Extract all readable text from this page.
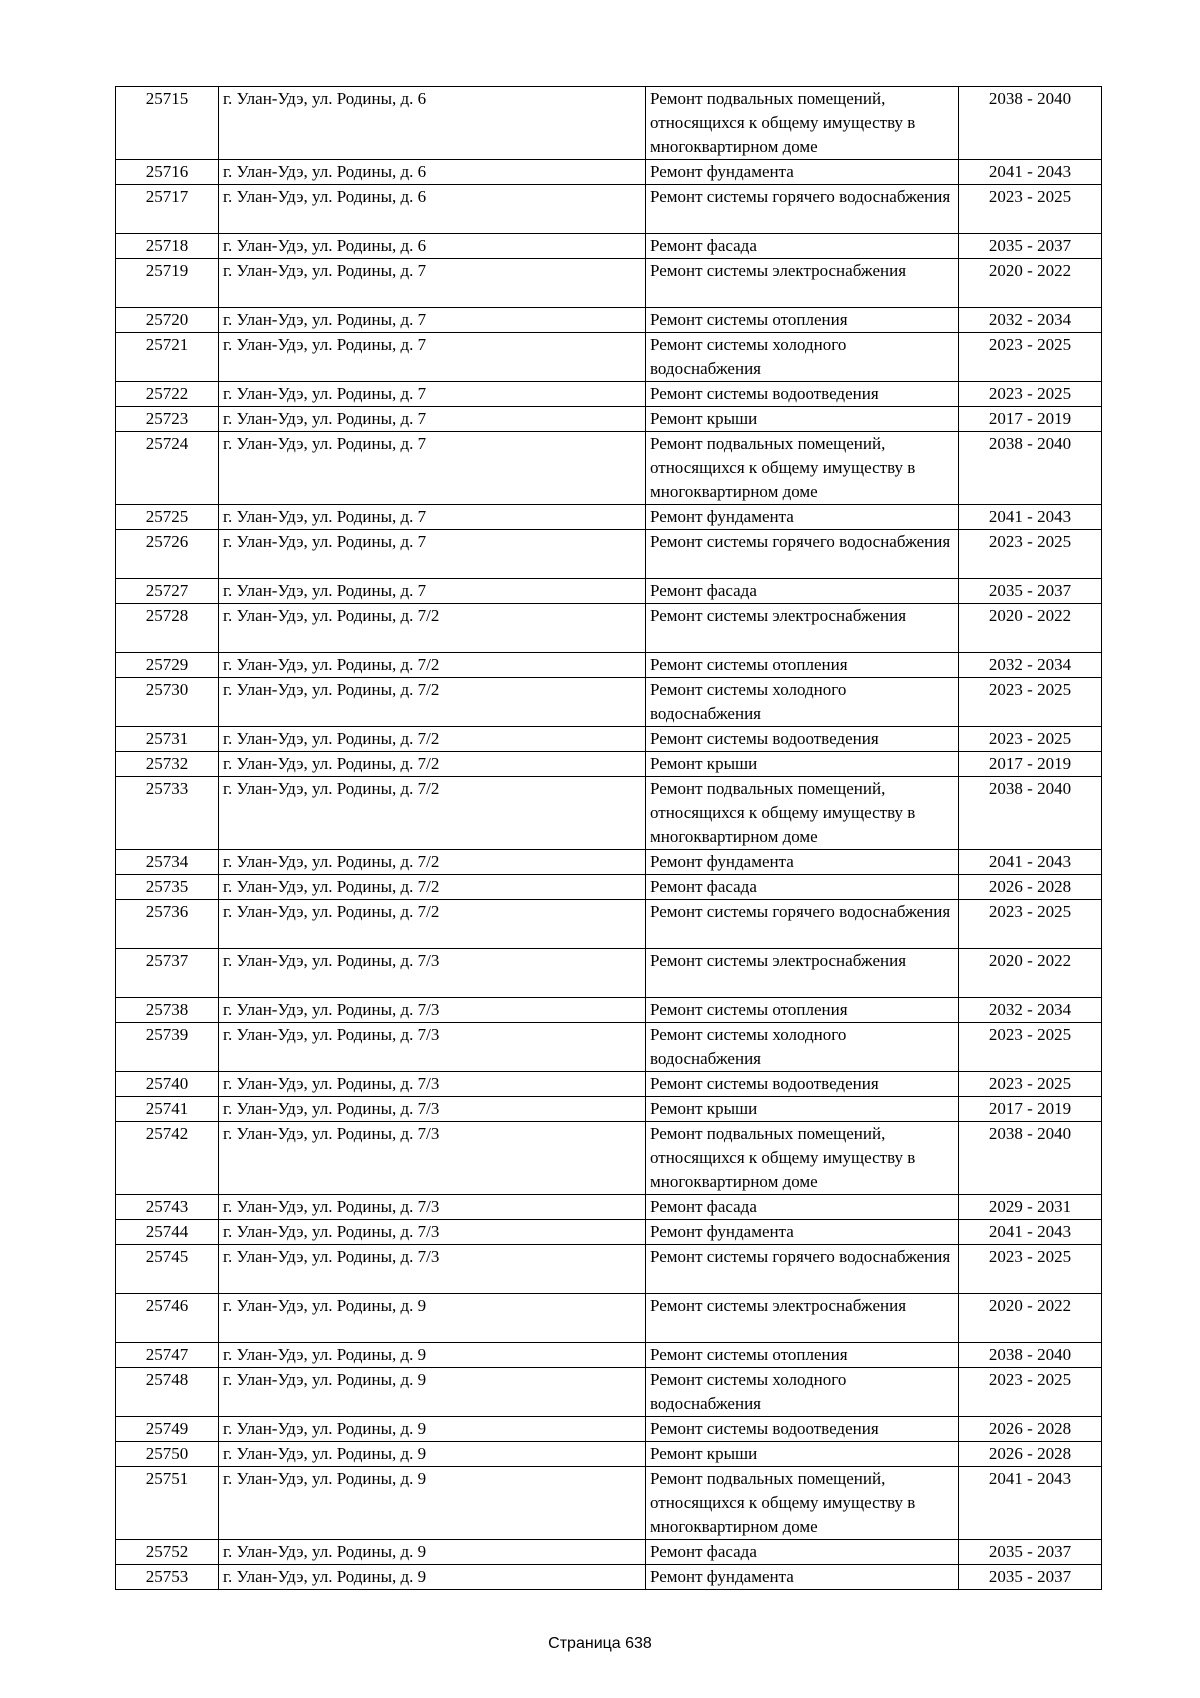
25715	г. Улан-Удэ, ул. Родины, д. 6	Ремонт подвальных помещений, относящихся к общему имуществу в многоквартирном доме	2038 - 2040
25716	г. Улан-Удэ, ул. Родины, д. 6	Ремонт фундамента	2041 - 2043
25717	г. Улан-Удэ, ул. Родины, д. 6	Ремонт системы горячего водоснабжения	2023 - 2025
25718	г. Улан-Удэ, ул. Родины, д. 6	Ремонт фасада	2035 - 2037
25719	г. Улан-Удэ, ул. Родины, д. 7	Ремонт системы электроснабжения	2020 - 2022
25720	г. Улан-Удэ, ул. Родины, д. 7	Ремонт системы отопления	2032 - 2034
25721	г. Улан-Удэ, ул. Родины, д. 7	Ремонт системы холодного водоснабжения	2023 - 2025
25722	г. Улан-Удэ, ул. Родины, д. 7	Ремонт системы водоотведения	2023 - 2025
25723	г. Улан-Удэ, ул. Родины, д. 7	Ремонт крыши	2017 - 2019
25724	г. Улан-Удэ, ул. Родины, д. 7	Ремонт подвальных помещений, относящихся к общему имуществу в многоквартирном доме	2038 - 2040
25725	г. Улан-Удэ, ул. Родины, д. 7	Ремонт фундамента	2041 - 2043
25726	г. Улан-Удэ, ул. Родины, д. 7	Ремонт системы горячего водоснабжения	2023 - 2025
25727	г. Улан-Удэ, ул. Родины, д. 7	Ремонт фасада	2035 - 2037
25728	г. Улан-Удэ, ул. Родины, д. 7/2	Ремонт системы электроснабжения	2020 - 2022
25729	г. Улан-Удэ, ул. Родины, д. 7/2	Ремонт системы отопления	2032 - 2034
25730	г. Улан-Удэ, ул. Родины, д. 7/2	Ремонт системы холодного водоснабжения	2023 - 2025
25731	г. Улан-Удэ, ул. Родины, д. 7/2	Ремонт системы водоотведения	2023 - 2025
25732	г. Улан-Удэ, ул. Родины, д. 7/2	Ремонт крыши	2017 - 2019
25733	г. Улан-Удэ, ул. Родины, д. 7/2	Ремонт подвальных помещений, относящихся к общему имуществу в многоквартирном доме	2038 - 2040
25734	г. Улан-Удэ, ул. Родины, д. 7/2	Ремонт фундамента	2041 - 2043
25735	г. Улан-Удэ, ул. Родины, д. 7/2	Ремонт фасада	2026 - 2028
25736	г. Улан-Удэ, ул. Родины, д. 7/2	Ремонт системы горячего водоснабжения	2023 - 2025
25737	г. Улан-Удэ, ул. Родины, д. 7/3	Ремонт системы электроснабжения	2020 - 2022
25738	г. Улан-Удэ, ул. Родины, д. 7/3	Ремонт системы отопления	2032 - 2034
25739	г. Улан-Удэ, ул. Родины, д. 7/3	Ремонт системы холодного водоснабжения	2023 - 2025
25740	г. Улан-Удэ, ул. Родины, д. 7/3	Ремонт системы водоотведения	2023 - 2025
25741	г. Улан-Удэ, ул. Родины, д. 7/3	Ремонт крыши	2017 - 2019
25742	г. Улан-Удэ, ул. Родины, д. 7/3	Ремонт подвальных помещений, относящихся к общему имуществу в многоквартирном доме	2038 - 2040
25743	г. Улан-Удэ, ул. Родины, д. 7/3	Ремонт фасада	2029 - 2031
25744	г. Улан-Удэ, ул. Родины, д. 7/3	Ремонт фундамента	2041 - 2043
25745	г. Улан-Удэ, ул. Родины, д. 7/3	Ремонт системы горячего водоснабжения	2023 - 2025
25746	г. Улан-Удэ, ул. Родины, д. 9	Ремонт системы электроснабжения	2020 - 2022
25747	г. Улан-Удэ, ул. Родины, д. 9	Ремонт системы отопления	2038 - 2040
25748	г. Улан-Удэ, ул. Родины, д. 9	Ремонт системы холодного водоснабжения	2023 - 2025
25749	г. Улан-Удэ, ул. Родины, д. 9	Ремонт системы водоотведения	2026 - 2028
25750	г. Улан-Удэ, ул. Родины, д. 9	Ремонт крыши	2026 - 2028
25751	г. Улан-Удэ, ул. Родины, д. 9	Ремонт подвальных помещений, относящихся к общему имуществу в многоквартирном доме	2041 - 2043
25752	г. Улан-Удэ, ул. Родины, д. 9	Ремонт фасада	2035 - 2037
25753	г. Улан-Удэ, ул. Родины, д. 9	Ремонт фундамента	2035 - 2037
Страница 638
